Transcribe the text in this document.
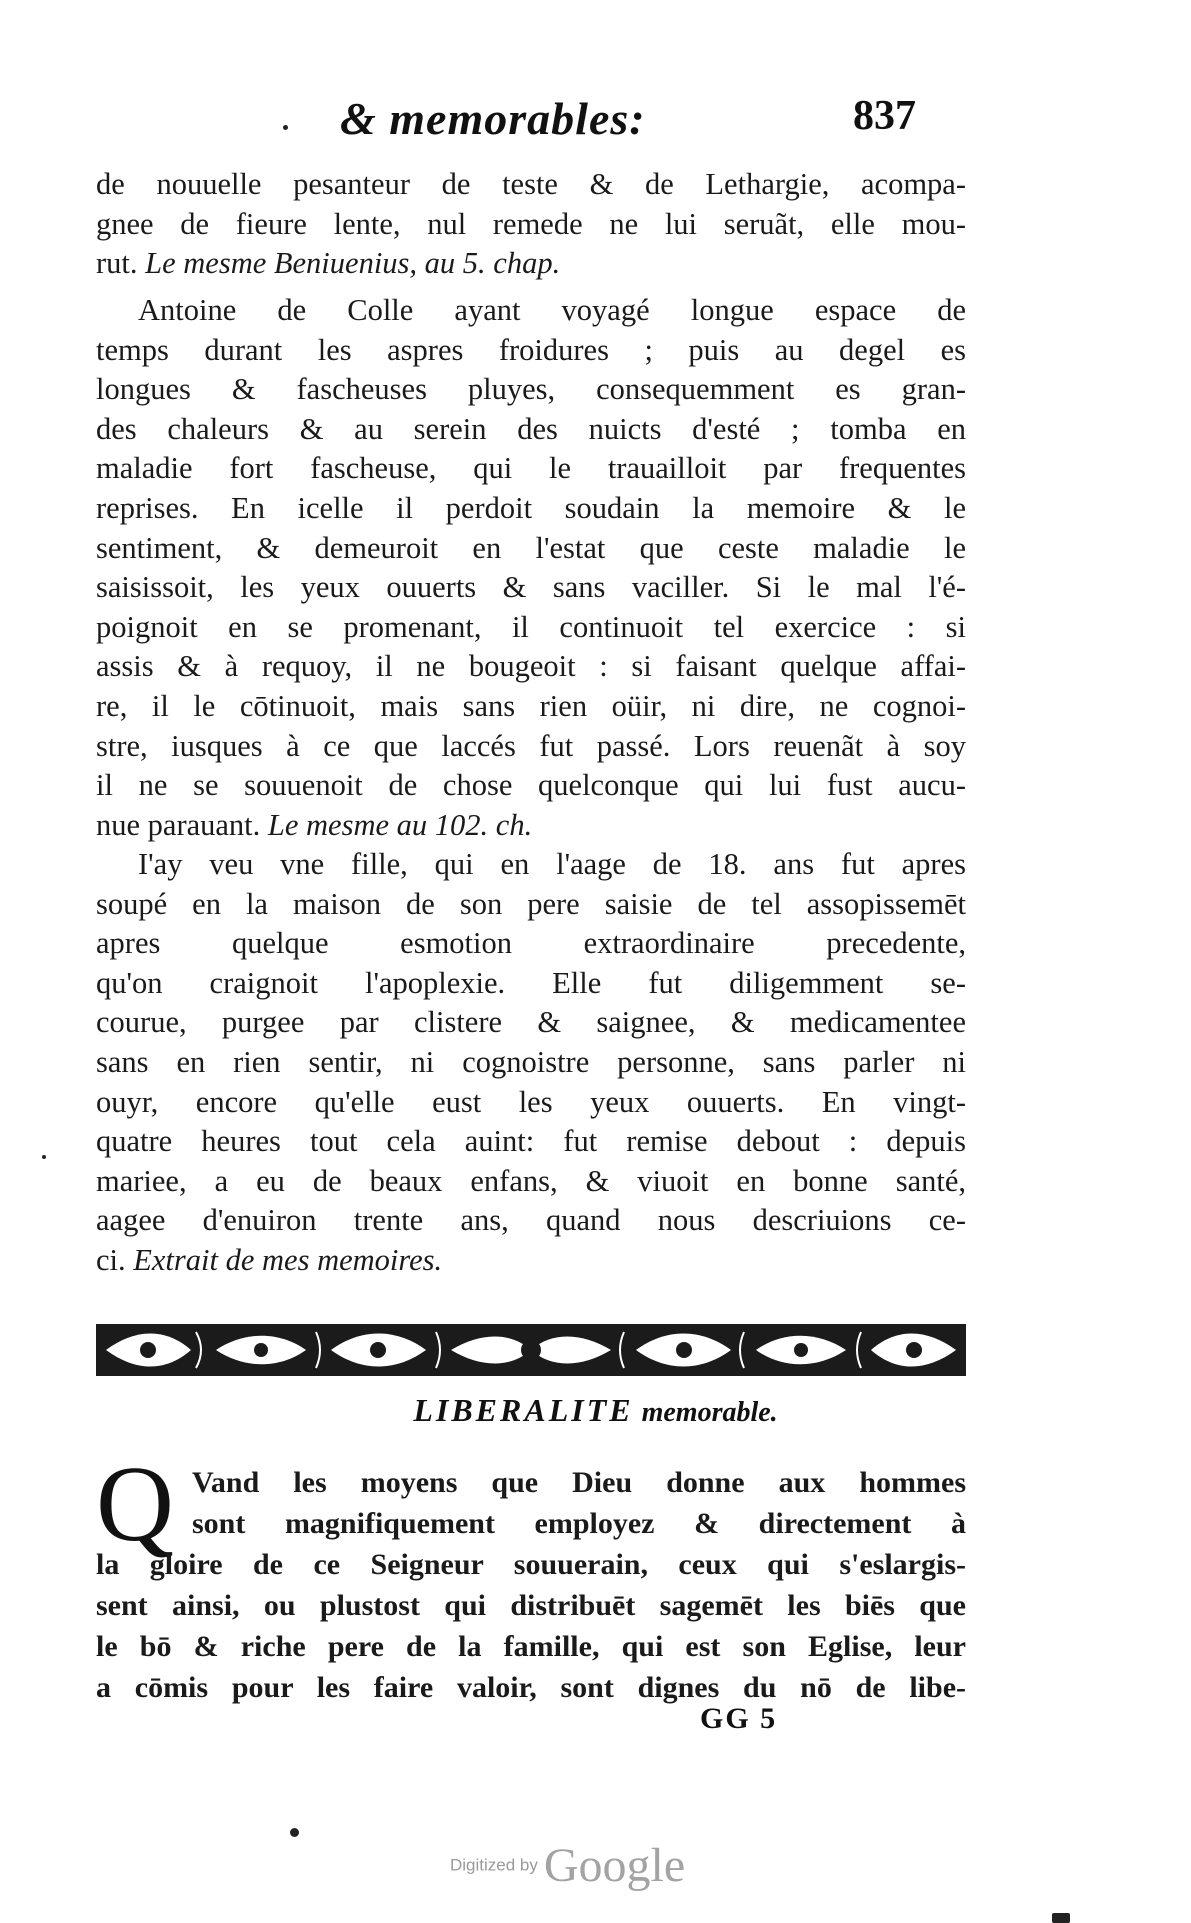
& memorables:	837
de nouuelle pesanteur de teste & de Lethargie, acompa-
gnee de fieure lente, nul remede ne lui seruãt, elle mou-
rut. Le mesme Beniuenius, au 5. chap.
Antoine de Colle ayant voyagé longue espace de
temps durant les aspres froidures ; puis au degel es
longues & fascheuses pluyes, consequemment es gran-
des chaleurs & au serein des nuicts d'esté ; tomba en
maladie fort fascheuse, qui le trauailloit par frequentes
reprises. En icelle il perdoit soudain la memoire & le
sentiment, & demeuroit en l'estat que ceste maladie le
saisissoit, les yeux ouuerts & sans vaciller. Si le mal l'é-
poignoit en se promenant, il continuoit tel exercice : si
assis & à requoy, il ne bougeoit : si faisant quelque affai-
re, il le cōtinuoit, mais sans rien oüir, ni dire, ne cognoi-
stre, iusques à ce que laccés fut passé. Lors reuenãt à soy
il ne se souuenoit de chose quelconque qui lui fust aucu-
nue parauant. Le mesme au 102. ch.
I'ay veu vne fille, qui en l'aage de 18. ans fut apres
soupé en la maison de son pere saisie de tel assopissemēt
apres quelque esmotion extraordinaire precedente,
qu'on craignoit l'apoplexie. Elle fut diligemment se-
courue, purgee par clistere & saignee, & medicamentee
sans en rien sentir, ni cognoistre personne, sans parler ni
ouyr, encore qu'elle eust les yeux ouuerts. En vingt-
quatre heures tout cela auint: fut remise debout : depuis
mariee, a eu de beaux enfans, & viuoit en bonne santé,
aagee d'enuiron trente ans, quand nous descriuions ce-
ci. Extrait de mes memoires.
LIBERALITE memorable.
Q Vand les moyens que Dieu donne aux hommes
sont magnifiquement employez & directement à
la gloire de ce Seigneur souuerain, ceux qui s'eslargis-
sent ainsi, ou plustost qui distribuēt sagemēt les biēs que
le bō & riche pere de la famille, qui est son Eglise, leur
a cōmis pour les faire valoir, sont dignes du nō de libe-
GG 5
Digitized by Google
